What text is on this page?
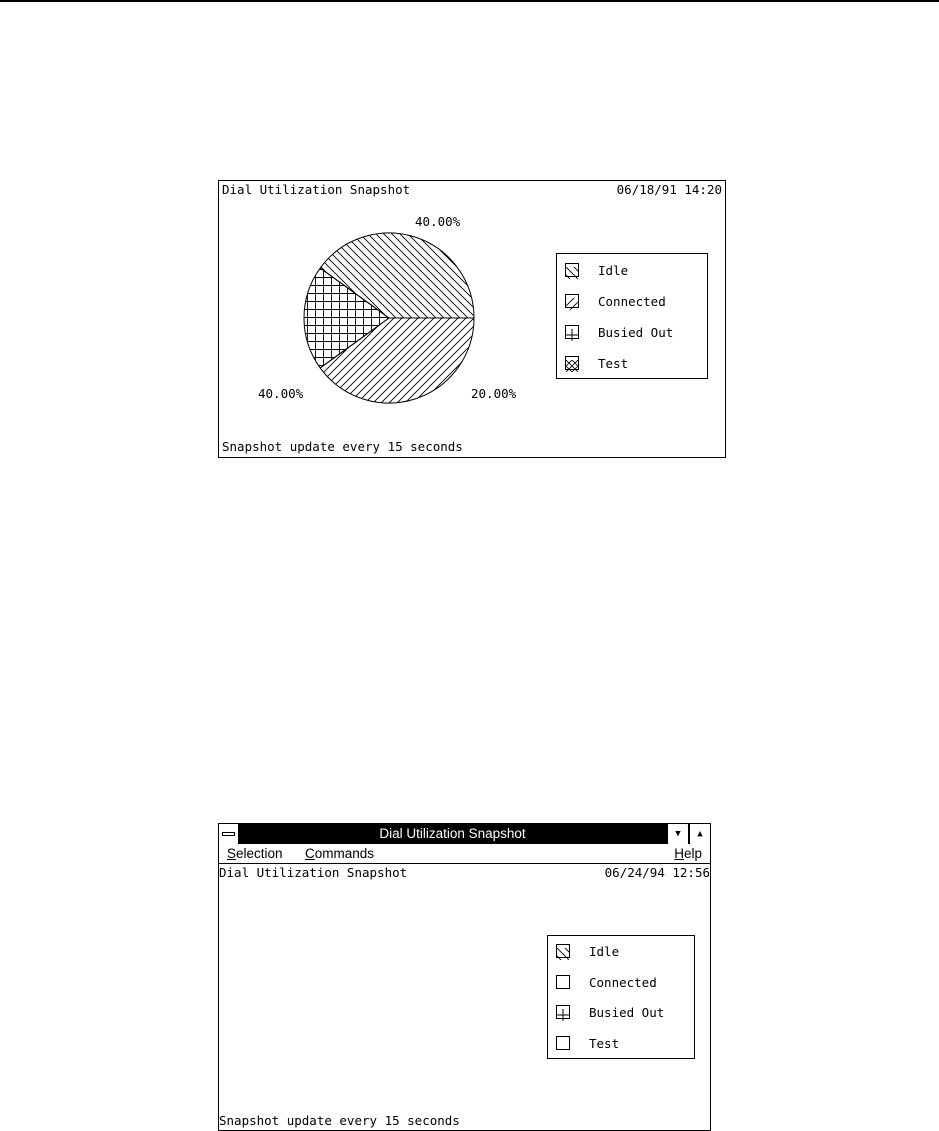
Dial Utilization Snapshot	06/18/91 14:20
40.00%
40.00%	20.00%
Idle
Connected
Busied Out
Test
Snapshot update every 15 seconds
Dial Utilization Snapshot	▼	▲
Selection Commands	Help
Dial Utilization Snapshot	06/24/94 12:56
Idle
Connected
Busied Out
Test
Snapshot update every 15 seconds
